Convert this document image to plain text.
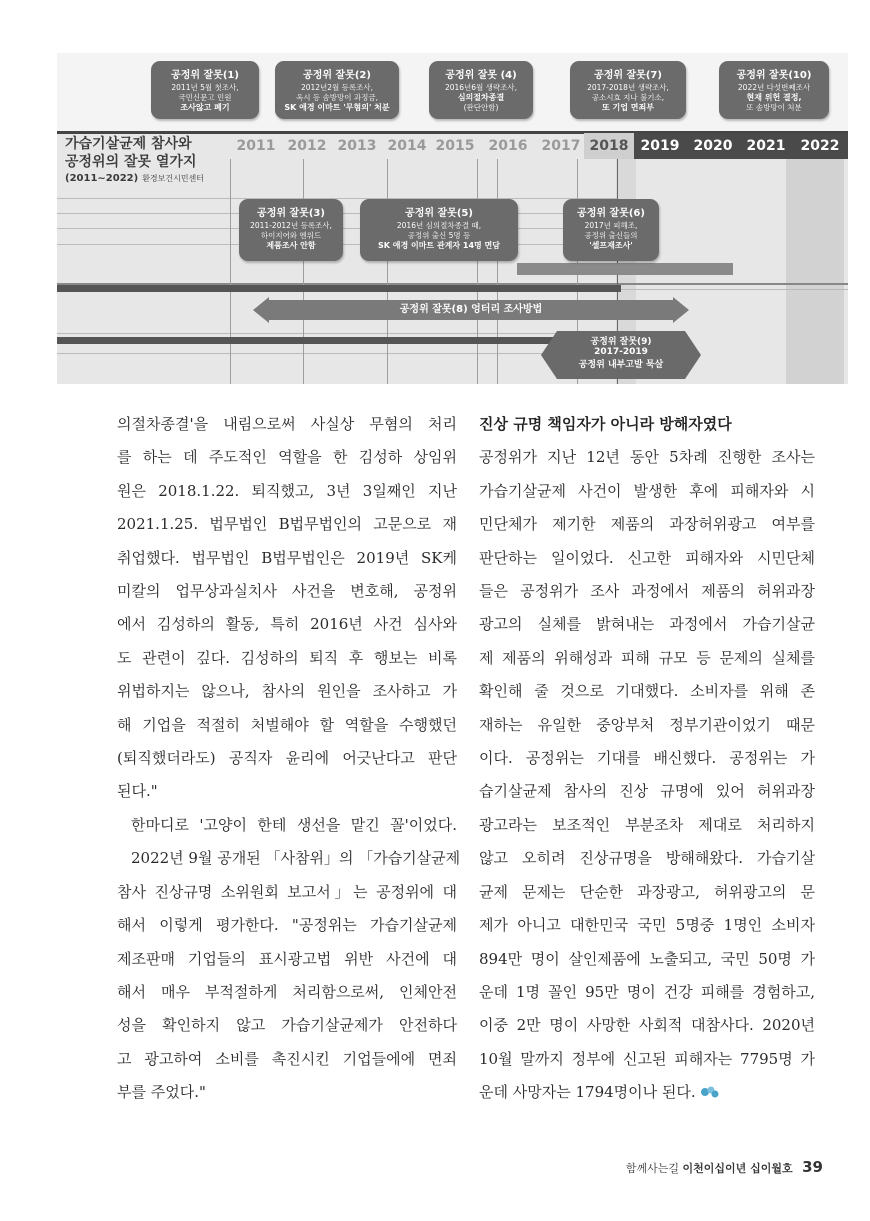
2011 2012 2013 2014 2015	2016	2017 2018 2019	2020	2021	2022
가습기살균제 참사와
공정위의 잘못 열가지
(2011~2022) 환경보건시민센터
공정위 잘못(1)
2011년 5월 첫조사,
국민신문고 민원
조사않고 폐기
공정위 잘못(2)
2012년2월 등록조사,
옥시 등 솜방망이 과징금,
SK 애경 이마트 '무혐의' 처분
공정위 잘못 (4)
2016년6월 생략조사,
심의절차종결
(판단안함)
공정위 잘못(7)
2017-2018년 생략조사,
공소시효 지나 불기소,
또 기업 면죄부
공정위 잘못(10)
2022년 다섯번째조사
현재 위헌 결정,
또 솜방망이 처분
공정위 잘못(3)
2011-2012년 등록조사,
하이지어와 엔위드
제품조사 안함
공정위 잘못(5)
2016년 심의절차종결 때,
공정위 출신 5명 등
SK 애경 이마트 관계자 14명 면담
공정위 잘못(6)
2017년 피해조,
공정위 출신들의
'셀프재조사'
공정위 잘못(8) 엉터리 조사방법
공정위 잘못(9)
2017-2019
공정위 내부고발 묵살
의절차종결'을 내림으로써 사실상 무혐의 처리
를 하는 데 주도적인 역할을 한 김성하 상임위
원은 2018.1.22. 퇴직했고, 3년 3일째인 지난
2021.1.25. 법무법인 B법무법인의 고문으로 재
취업했다. 법무법인 B법무법인은 2019년 SK케
미칼의 업무상과실치사 사건을 변호해, 공정위
에서 김성하의 활동, 특히 2016년 사건 심사와
도 관련이 깊다. 김성하의 퇴직 후 행보는 비록
위법하지는 않으나, 참사의 원인을 조사하고 가
해 기업을 적절히 처벌해야 할 역할을 수행했던
(퇴직했더라도) 공직자 윤리에 어긋난다고 판단
된다."
한마디로 '고양이 한테 생선을 맡긴 꼴'이었다.
2022년 9월 공개된 「사참위」의 「가습기살균제
참사 진상규명 소위원회 보고서」는 공정위에 대
해서 이렇게 평가한다. "공정위는 가습기살균제
제조판매 기업들의 표시광고법 위반 사건에 대
해서 매우 부적절하게 처리함으로써, 인체안전
성을 확인하지 않고 가습기살균제가 안전하다
고 광고하여 소비를 촉진시킨 기업들에에 면죄
부를 주었다."
진상 규명 책임자가 아니라 방해자였다
공정위가 지난 12년 동안 5차례 진행한 조사는
가습기살균제 사건이 발생한 후에 피해자와 시
민단체가 제기한 제품의 과장허위광고 여부를
판단하는 일이었다. 신고한 피해자와 시민단체
들은 공정위가 조사 과정에서 제품의 허위과장
광고의 실체를 밝혀내는 과정에서 가습기살균
제 제품의 위해성과 피해 규모 등 문제의 실체를
확인해 줄 것으로 기대했다. 소비자를 위해 존
재하는 유일한 중앙부처 정부기관이었기 때문
이다. 공정위는 기대를 배신했다. 공정위는 가
습기살균제 참사의 진상 규명에 있어 허위과장
광고라는 보조적인 부분조차 제대로 처리하지
않고 오히려 진상규명을 방해해왔다. 가습기살
균제 문제는 단순한 과장광고, 허위광고의 문
제가 아니고 대한민국 국민 5명중 1명인 소비자
894만 명이 살인제품에 노출되고, 국민 50명 가
운데 1명 꼴인 95만 명이 건강 피해를 경험하고,
이중 2만 명이 사망한 사회적 대참사다. 2020년
10월 말까지 정부에 신고된 피해자는 7795명 가
운데 사망자는 1794명이나 된다.
함께사는길 이천이십이년 십이월호 39
